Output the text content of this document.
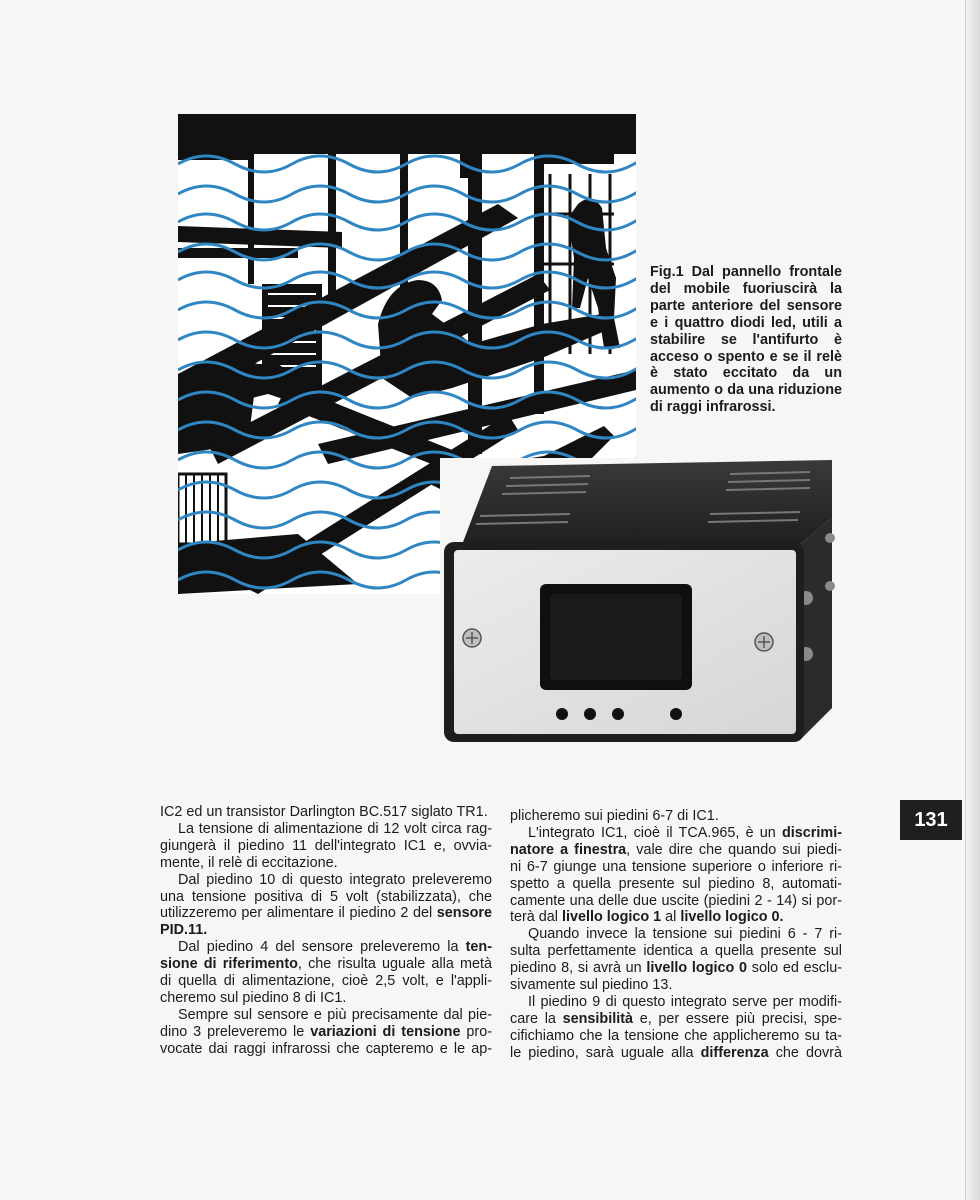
Fig.1 Dal pannello frontale del mobile fuoriuscirà la parte anteriore del sensore e i quattro diodi led, utili a stabilire se l'antifurto è acceso o spento e se il relè è stato eccitato da un aumento o da una riduzione di raggi infrarossi.
131
IC2 ed un transistor Darlington BC.517 siglato TR1.
La tensione di alimentazione di 12 volt circa rag-
giungerà il piedino 11 dell'integrato IC1 e, ovvia-
mente, il relè di eccitazione.
Dal piedino 10 di questo integrato preleveremo
una tensione positiva di 5 volt (stabilizzata), che
utilizzeremo per alimentare il piedino 2 del sensore
PID.11.
Dal piedino 4 del sensore preleveremo la ten-
sione di riferimento, che risulta uguale alla metà
di quella di alimentazione, cioè 2,5 volt, e l'appli-
cheremo sul piedino 8 di IC1.
Sempre sul sensore e più precisamente dal pie-
dino 3 preleveremo le variazioni di tensione pro-
vocate dai raggi infrarossi che capteremo e le ap-
plicheremo sui piedini 6-7 di IC1.
L'integrato IC1, cioè il TCA.965, è un discrimi-
natore a finestra, vale dire che quando sui piedi-
ni 6-7 giunge una tensione superiore o inferiore ri-
spetto a quella presente sul piedino 8, automati-
camente una delle due uscite (piedini 2 - 14) si por-
terà dal livello logico 1 al livello logico 0.
Quando invece la tensione sui piedini 6 - 7 ri-
sulta perfettamente identica a quella presente sul
piedino 8, si avrà un livello logico 0 solo ed esclu-
sivamente sul piedino 13.
Il piedino 9 di questo integrato serve per modifi-
care la sensibilità e, per essere più precisi, spe-
cifichiamo che la tensione che applicheremo su ta-
le piedino, sarà uguale alla differenza che dovrà
